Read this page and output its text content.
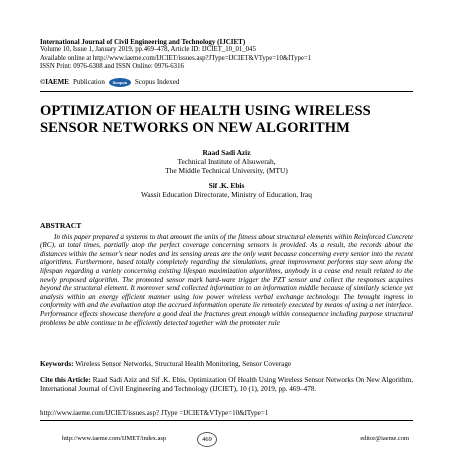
International Journal of Civil Engineering and Technology (IJCIET)
Volume 10, Issue 1, January 2019, pp.469–478, Article ID: IJCIET_10_01_045
Available online at http://www.iaeme.com/IJCIET/issues.asp?JType=IJCIET&VType=10&IType=1
ISSN Print: 0976-6308 and ISSN Online: 0976-6316
©IAEME Publication	Scopus	Scopus Indexed
OPTIMIZATION OF HEALTH USING WIRELESS
SENSOR NETWORKS ON NEW ALGORITHM
Raad Sadi Aziz
Technical Institute of Alsuwerah,
The Middle Technical University, (MTU)
Sif .K. Ebis
Wassit Education Directorate, Ministry of Education, Iraq
ABSTRACT

In this paper prepared a systems to that amount the units of the fitness about structural elements within Reinforced Concrete (RC), at total times, partially atop the perfect coverage concerning sensors is provided. As a result, the records about the distances within the sensor's near nodes and its sensing areas are the only want because concerning every sensor into the recent algorithms. Furthermore, based totally completely regarding the simulations, great improvement performs stay seen along the lifespan regarding a variety concerning existing lifespan maximization algorithms, anybody is a cease end result related to the newly proposed algorithm. The promoted sensor mark hard-ware trigger the PZT sensor and collect the responses acquires beyond the structural element. It moreover send collected information to an information middle because of similarly science yet analysis within an energy efficient manner using low power wireless verbal exchange technology. The brought ingress in conformity with and the evaluation atop the accrued information operate lie remotely executed by means of using a net interface. Performance effects showcase therefore a good deal the fractures great enough within consequence including purpose structural problems be able continue to be efficiently detected together with the promoter rule

Keywords: Wireless Sensor Networks, Structural Health Monitoring, Sensor Coverage
Cite this Article: Raad Sadi Aziz and Sif .K. Ebis, Optimization Of Health Using Wireless Sensor Networks On New Algorithm, International Journal of Civil Engineering and Technology (IJCIET), 10 (1), 2019, pp. 469–478.
http://www.iaeme.com/IJCIET/issues.asp? JType =IJCIET&VType=10&IType=1
http://www.iaeme.com/IJMET/index.asp	469	editor@iaeme.com
